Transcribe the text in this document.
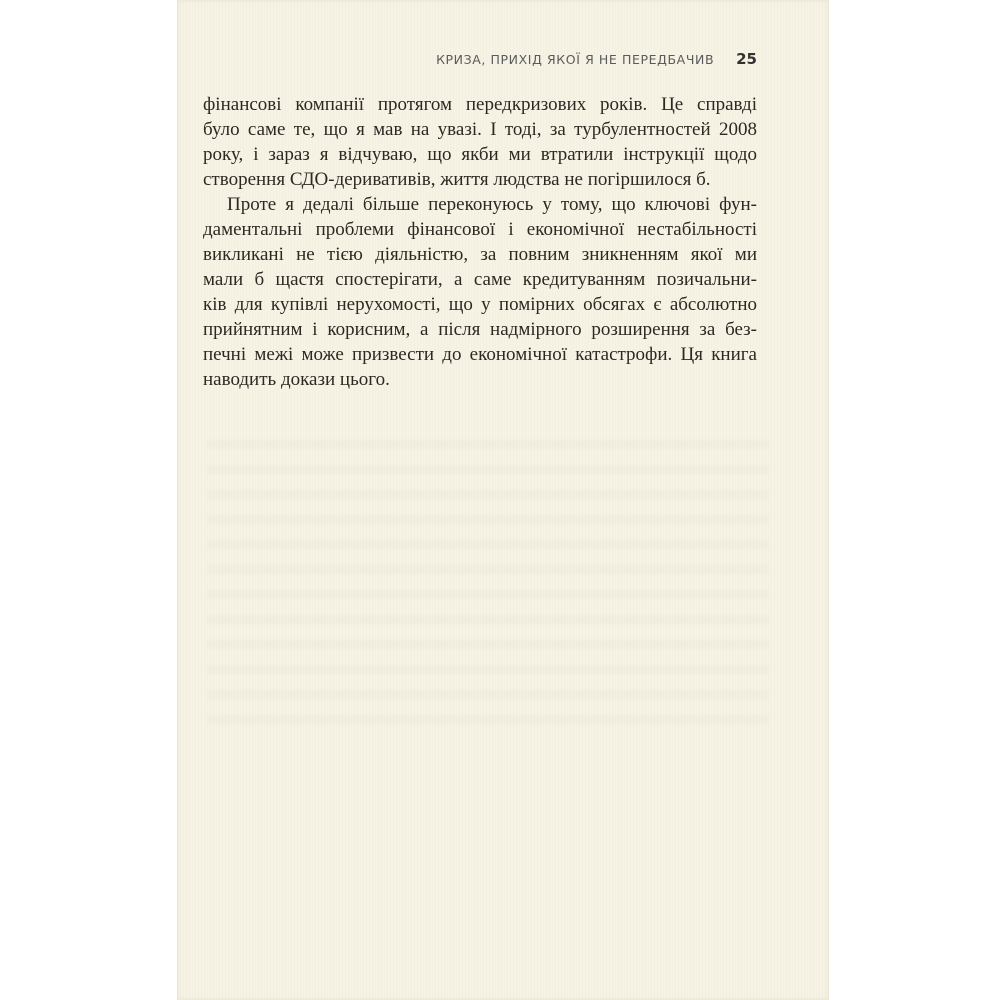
КРИЗА, ПРИХІД ЯКОЇ Я НЕ ПЕРЕДБАЧИВ 25
фінансові компанії протягом передкризових років. Це справді
було саме те, що я мав на увазі. І тоді, за турбулентностей 2008
року, і зараз я відчуваю, що якби ми втратили інструкції щодо
створення СДО-деривативів, життя людства не погіршилося б.
Проте я дедалі більше переконуюсь у тому, що ключові фун-
даментальні проблеми фінансової і економічної нестабільності
викликані не тією діяльністю, за повним зникненням якої ми
мали б щастя спостерігати, а саме кредитуванням позичальни-
ків для купівлі нерухомості, що у помірних обсягах є абсолютно
прийнятним і корисним, а після надмірного розширення за без-
печні межі може призвести до економічної катастрофи. Ця книга
наводить докази цього.
